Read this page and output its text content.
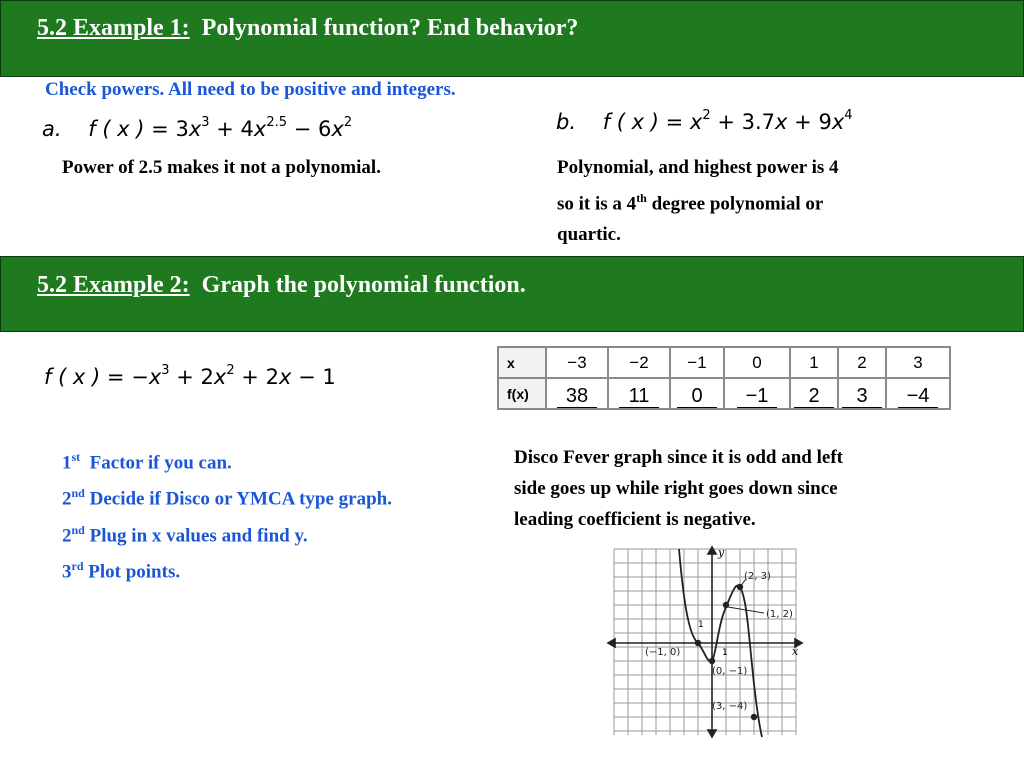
5.2 Example 1: Polynomial function? End behavior?
Check powers. All need to be positive and integers.
a. f ( x ) = $3x^3 + 4x^{2.5} - 6x^2$
Power of 2.5 makes it not a polynomial.
b. f ( x ) = $x^2 + 3.7x + 9x^4$
Polynomial, and highest power is 4
so it is a 4th degree polynomial or
quartic.
5.2 Example 2: Graph the polynomial function.
f ( x ) = $-x^3 + 2x^2 + 2x - 1$
x	−3	−2	−1	0	1	2	3
f(x)	38	11	0	−1	2	3	−4
1st  Factor if you can.
2nd Decide if Disco or YMCA type graph.
2nd Plug in x values and find y.
3rd Plot points.
Disco Fever graph since it is odd and left
side goes up while right goes down since
leading coefficient is negative.
y
x
1
1
(2, 3)
(1, 2)
(−1, 0)
(0, −1)
(3, −4)
